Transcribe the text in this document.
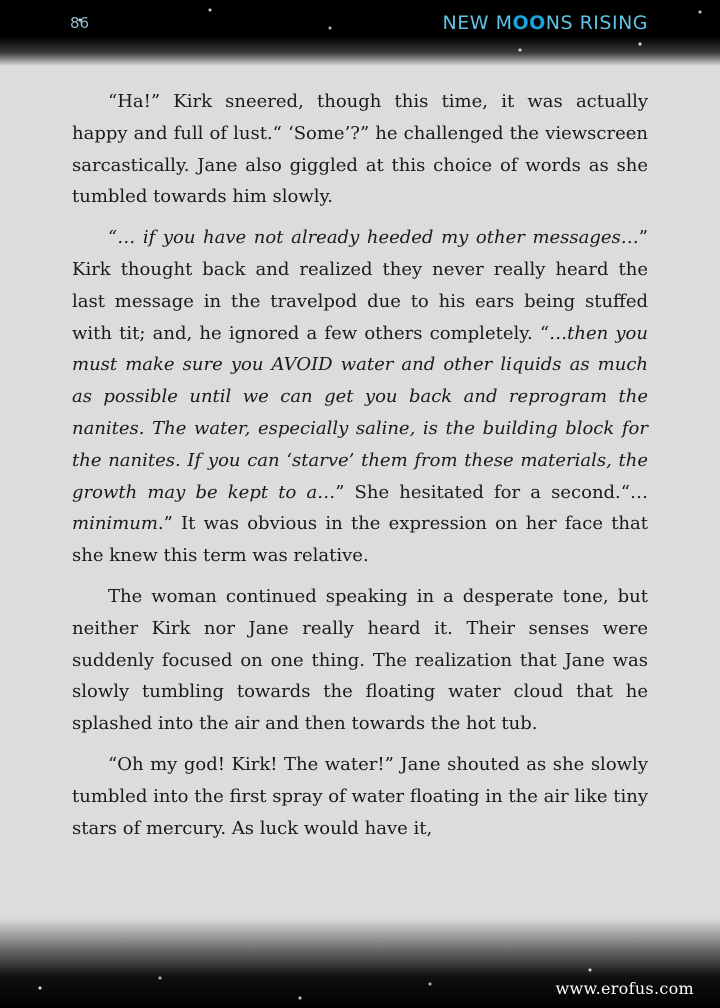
86	NEW MOONS RISING

“Ha!” Kirk sneered, though this time, it was actually happy and full of lust.“ ‘Some’?” he challenged the viewscreen sarcastically. Jane also giggled at this choice of words as she tumbled towards him slowly.

“… if you have not already heeded my other messages…” Kirk thought back and realized they never really heard the last message in the travelpod due to his ears being stuffed with tit; and, he ignored a few others completely. “…then you must make sure you AVOID water and other liquids as much as possible until we can get you back and reprogram the nanites. The water, especially saline, is the building block for the nanites. If you can ‘starve’ them from these materials, the growth may be kept to a…” She hesitated for a second.“…minimum.” It was obvious in the expression on her face that she knew this term was relative.

The woman continued speaking in a desperate tone, but neither Kirk nor Jane really heard it. Their senses were suddenly focused on one thing. The realization that Jane was slowly tumbling towards the floating water cloud that he splashed into the air and then towards the hot tub.

“Oh my god! Kirk! The water!” Jane shouted as she slowly tumbled into the first spray of water floating in the air like tiny stars of mercury. As luck would have it,

www.erofus.com
